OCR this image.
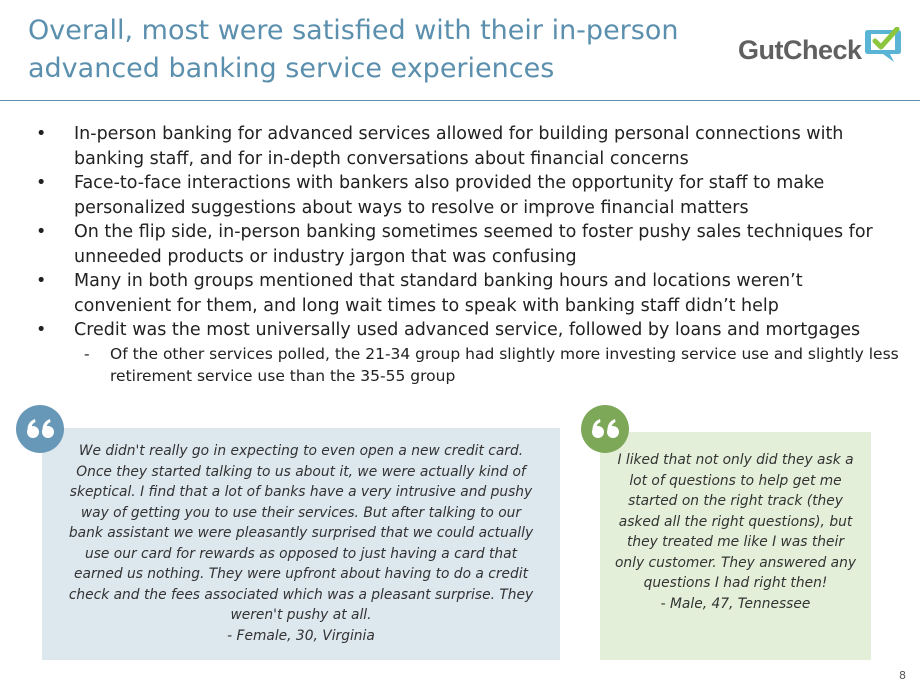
Overall, most were satisfied with their in-person
advanced banking service experiences
GutCheck
• In-person banking for advanced services allowed for building personal connections with banking staff, and for in-depth conversations about financial concerns
• Face-to-face interactions with bankers also provided the opportunity for staff to make personalized suggestions about ways to resolve or improve financial matters
• On the flip side, in-person banking sometimes seemed to foster pushy sales techniques for unneeded products or industry jargon that was confusing
• Many in both groups mentioned that standard banking hours and locations weren’t convenient for them, and long wait times to speak with banking staff didn’t help
• Credit was the most universally used advanced service, followed by loans and mortgages
- Of the other services polled, the 21-34 group had slightly more investing service use and slightly less retirement service use than the 35-55 group

We didn't really go in expecting to even open a new credit card. Once they started talking to us about it, we were actually kind of skeptical. I find that a lot of banks have a very intrusive and pushy way of getting you to use their services. But after talking to our bank assistant we were pleasantly surprised that we could actually use our card for rewards as opposed to just having a card that earned us nothing. They were upfront about having to do a credit check and the fees associated which was a pleasant surprise. They weren't pushy at all.
- Female, 30, Virginia

I liked that not only did they ask a lot of questions to help get me started on the right track (they asked all the right questions), but they treated me like I was their only customer. They answered any questions I had right then!
- Male, 47, Tennessee

8
